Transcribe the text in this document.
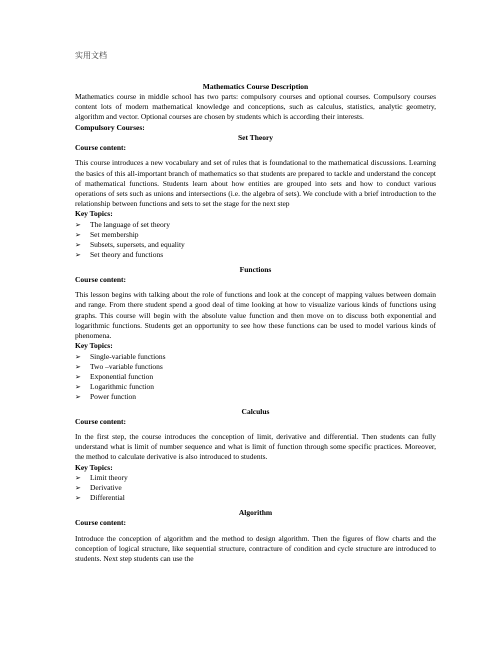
实用文档
Mathematics Course Description

Mathematics course in middle school has two parts: compulsory courses and optional courses. Compulsory courses content lots of modern mathematical knowledge and conceptions, such as calculus, statistics, analytic geometry, algorithm and vector. Optional courses are chosen by students which is according their interests.

Compulsory Courses:
Set Theory
Course content:

This course introduces a new vocabulary and set of rules that is foundational to the mathematical discussions. Learning the basics of this all-important branch of mathematics so that students are prepared to tackle and understand the concept of mathematical functions. Students learn about how entities are grouped into sets and how to conduct various operations of sets such as unions and intersections (i.e. the algebra of sets). We conclude with a brief introduction to the relationship between functions and sets to set the stage for the next step

Key Topics:
➢	The language of set theory
➢	Set membership
➢	Subsets, supersets, and equality
➢	Set theory and functions
Functions
Course content:

This lesson begins with talking about the role of functions and look at the concept of mapping values between domain and range. From there student spend a good deal of time looking at how to visualize various kinds of functions using graphs. This course will begin with the absolute value function and then move on to discuss both exponential and logarithmic functions. Students get an opportunity to see how these functions can be used to model various kinds of phenomena.

Key Topics:
➢	Single-variable functions
➢	Two –variable functions
➢	Exponential function
➢	Logarithmic function
➢	Power function
Calculus
Course content:

In the first step, the course introduces the conception of limit, derivative and differential. Then students can fully understand what is limit of number sequence and what is limit of function through some specific practices. Moreover, the method to calculate derivative is also introduced to students.

Key Topics:
➢	Limit theory
➢	Derivative
➢	Differential
Algorithm
Course content:

Introduce the conception of algorithm and the method to design algorithm. Then the figures of flow charts and the conception of logical structure, like sequential structure, contracture of condition and cycle structure are introduced to students. Next step students can use the
